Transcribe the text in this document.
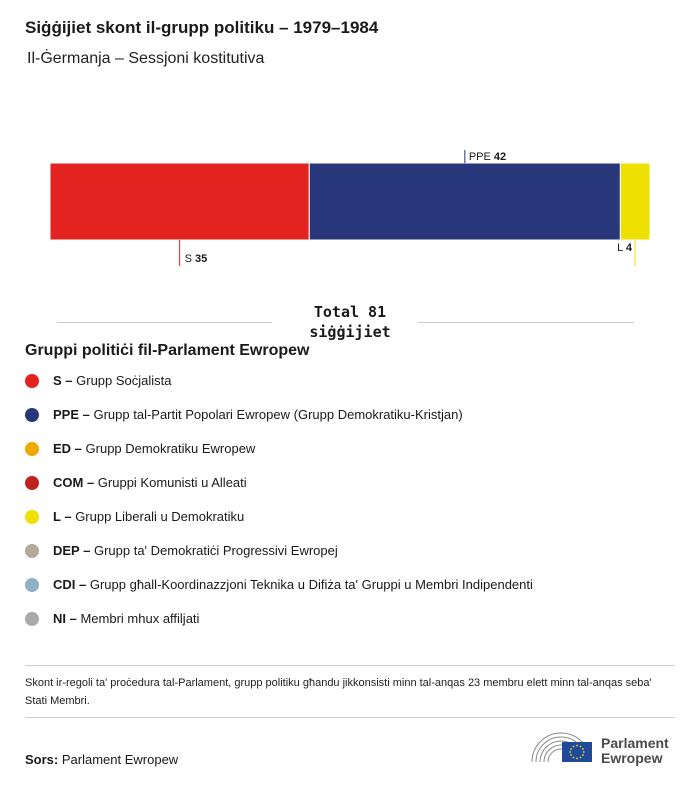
Siġġijiet skont il-grupp politiku – 1979–1984
Il-Ġermanja – Sessjoni kostitutiva
S 35
PPE 42
L 4
Total 81
siġġijiet
Gruppi politiċi fil-Parlament Ewropew
S – Grupp Soċjalista
PPE – Grupp tal-Partit Popolari Ewropew (Grupp Demokratiku-Kristjan)
ED – Grupp Demokratiku Ewropew
COM – Gruppi Komunisti u Alleati
L – Grupp Liberali u Demokratiku
DEP – Grupp ta' Demokratiċi Progressivi Ewropej
CDI – Grupp għall-Koordinazzjoni Teknika u Difiża ta' Gruppi u Membri Indipendenti
NI – Membri mhux affiljati
Skont ir-regoli ta' proċedura tal-Parlament, grupp politiku għandu jikkonsisti minn tal-anqas 23 membru elett minn tal-anqas seba' Stati Membri.
Sors: Parlament Ewropew
Parlament
Ewropew
